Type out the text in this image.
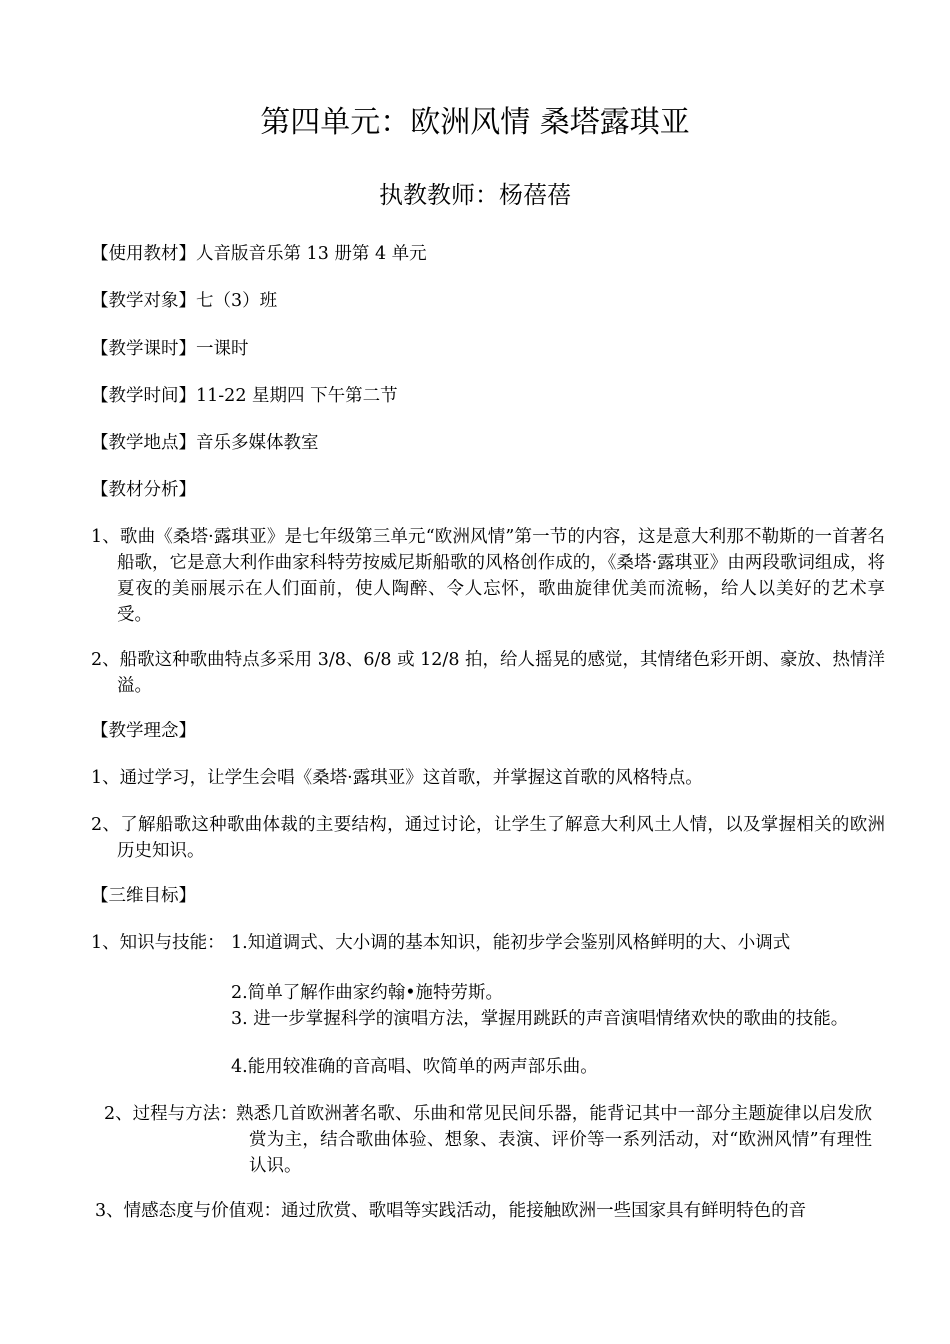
第四单元：欧洲风情 桑塔露琪亚
执教教师：杨蓓蓓
【使用教材】人音版音乐第 13 册第 4 单元
【教学对象】七（3）班
【教学课时】一课时
【教学时间】11-22 星期四 下午第二节
【教学地点】音乐多媒体教室
【教材分析】
1、歌曲《桑塔·露琪亚》是七年级第三单元“欧洲风情”第一节的内容，这是意大利那不勒斯的一首著名船歌，它是意大利作曲家科特劳按威尼斯船歌的风格创作成的，《桑塔·露琪亚》由两段歌词组成，将夏夜的美丽展示在人们面前，使人陶醉、令人忘怀，歌曲旋律优美而流畅，给人以美好的艺术享受。
2、船歌这种歌曲特点多采用 3/8、6/8 或 12/8 拍，给人摇晃的感觉，其情绪色彩开朗、豪放、热情洋溢。
【教学理念】
1、通过学习，让学生会唱《桑塔·露琪亚》这首歌，并掌握这首歌的风格特点。
2、了解船歌这种歌曲体裁的主要结构，通过讨论，让学生了解意大利风土人情，以及掌握相关的欧洲历史知识。
【三维目标】
1、知识与技能： 1.知道调式、大小调的基本知识，能初步学会鉴别风格鲜明的大、小调式
2.简单了解作曲家约翰•施特劳斯。
3. 进一步掌握科学的演唱方法，掌握用跳跃的声音演唱情绪欢快的歌曲的技能。
4.能用较准确的音高唱、吹简单的两声部乐曲。
2、过程与方法：
熟悉几首欧洲著名歌、乐曲和常见民间乐器，能背记其中一部分主题旋律以启发欣赏为主，结合歌曲体验、想象、表演、评价等一系列活动，对“欧洲风情”有理性认识。
3、情感态度与价值观：通过欣赏、歌唱等实践活动，能接触欧洲一些国家具有鲜明特色的音
